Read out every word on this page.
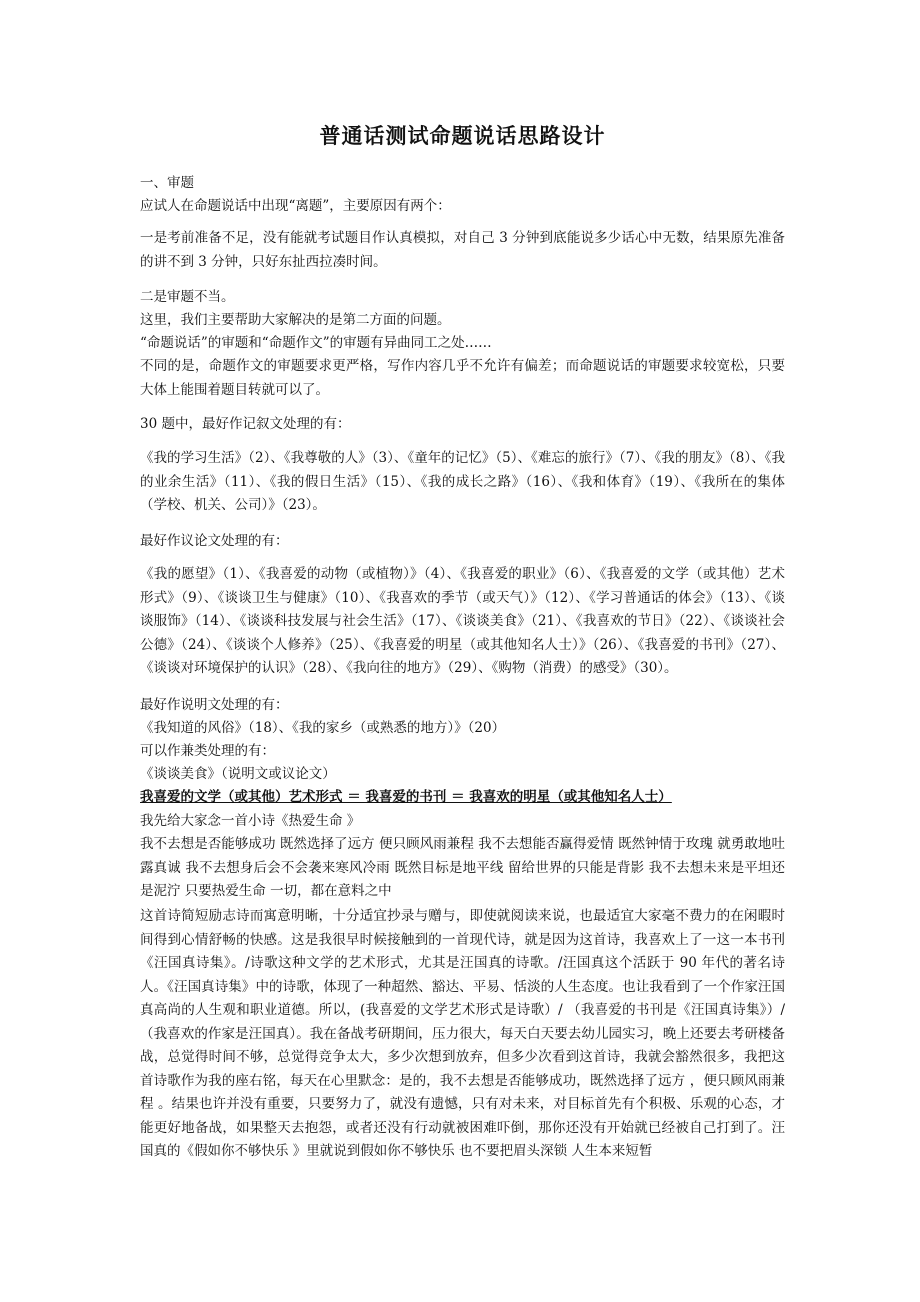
普通话测试命题说话思路设计

一、审题

应试人在命题说话中出现“离题”，主要原因有两个：

一是考前准备不足，没有能就考试题目作认真模拟，对自己 3 分钟到底能说多少话心中无数，结果原先准备的讲不到 3 分钟，只好东扯西拉凑时间。

二是审题不当。

这里，我们主要帮助大家解决的是第二方面的问题。

“命题说话”的审题和“命题作文”的审题有异曲同工之处……

不同的是，命题作文的审题要求更严格，写作内容几乎不允许有偏差；而命题说话的审题要求较宽松，只要大体上能围着题目转就可以了。

30 题中，最好作记叙文处理的有：

《我的学习生活》（2）、《我尊敬的人》（3）、《童年的记忆》（5）、《难忘的旅行》（7）、《我的朋友》（8）、《我的业余生活》（11）、《我的假日生活》（15）、《我的成长之路》（16）、《我和体育》（19）、《我所在的集体（学校、机关、公司）》（23）。

最好作议论文处理的有：

《我的愿望》（1）、《我喜爱的动物（或植物）》（4）、《我喜爱的职业》（6）、《我喜爱的文学（或其他）艺术形式》（9）、《谈谈卫生与健康》（10）、《我喜欢的季节（或天气）》（12）、《学习普通话的体会》（13）、《谈谈服饰》（14）、《谈谈科技发展与社会生活》（17）、《谈谈美食》（21）、《我喜欢的节日》（22）、《谈谈社会公德》（24）、《谈谈个人修养》（25）、《我喜爱的明星（或其他知名人士）》（26）、《我喜爱的书刊》（27）、《谈谈对环境保护的认识》（28）、《我向往的地方》（29）、《购物（消费）的感受》（30）。

最好作说明文处理的有：

《我知道的风俗》（18）、《我的家乡（或熟悉的地方）》（20）

可以作兼类处理的有：

《谈谈美食》（说明文或议论文）

我喜爱的文学（或其他）艺术形式 ＝ 我喜爱的书刊 ＝ 我喜欢的明星（或其他知名人士）

我先给大家念一首小诗《热爱生命 》

我不去想是否能够成功 既然选择了远方 便只顾风雨兼程 我不去想能否赢得爱情 既然钟情于玫瑰 就勇敢地吐露真诚 我不去想身后会不会袭来寒风冷雨 既然目标是地平线 留给世界的只能是背影 我不去想未来是平坦还是泥泞 只要热爱生命 一切，都在意料之中

这首诗简短励志诗而寓意明晰，十分适宜抄录与赠与，即使就阅读来说，也最适宜大家毫不费力的在闲暇时间得到心情舒畅的快感。这是我很早时候接触到的一首现代诗，就是因为这首诗，我喜欢上了一这一本书刊《汪国真诗集》。/诗歌这种文学的艺术形式，尤其是汪国真的诗歌。/汪国真这个活跃于 90 年代的著名诗人。《汪国真诗集》中的诗歌，体现了一种超然、豁达、平易、恬淡的人生态度。也让我看到了一个作家汪国真高尚的人生观和职业道德。所以，(我喜爱的文学艺术形式是诗歌）/ （我喜爱的书刊是《汪国真诗集》）/（我喜欢的作家是汪国真）。我在备战考研期间，压力很大，每天白天要去幼儿园实习，晚上还要去考研楼备战，总觉得时间不够，总觉得竞争太大，多少次想到放弃，但多少次看到这首诗，我就会豁然很多，我把这首诗歌作为我的座右铭，每天在心里默念：是的，我不去想是否能够成功，既然选择了远方 ，便只顾风雨兼程 。结果也许并没有重要，只要努力了，就没有遗憾，只有对未来，对目标首先有个积极、乐观的心态，才能更好地备战，如果整天去抱怨，或者还没有行动就被困难吓倒，那你还没有开始就已经被自己打到了。汪国真的《假如你不够快乐 》里就说到假如你不够快乐 也不要把眉头深锁 人生本来短暂
